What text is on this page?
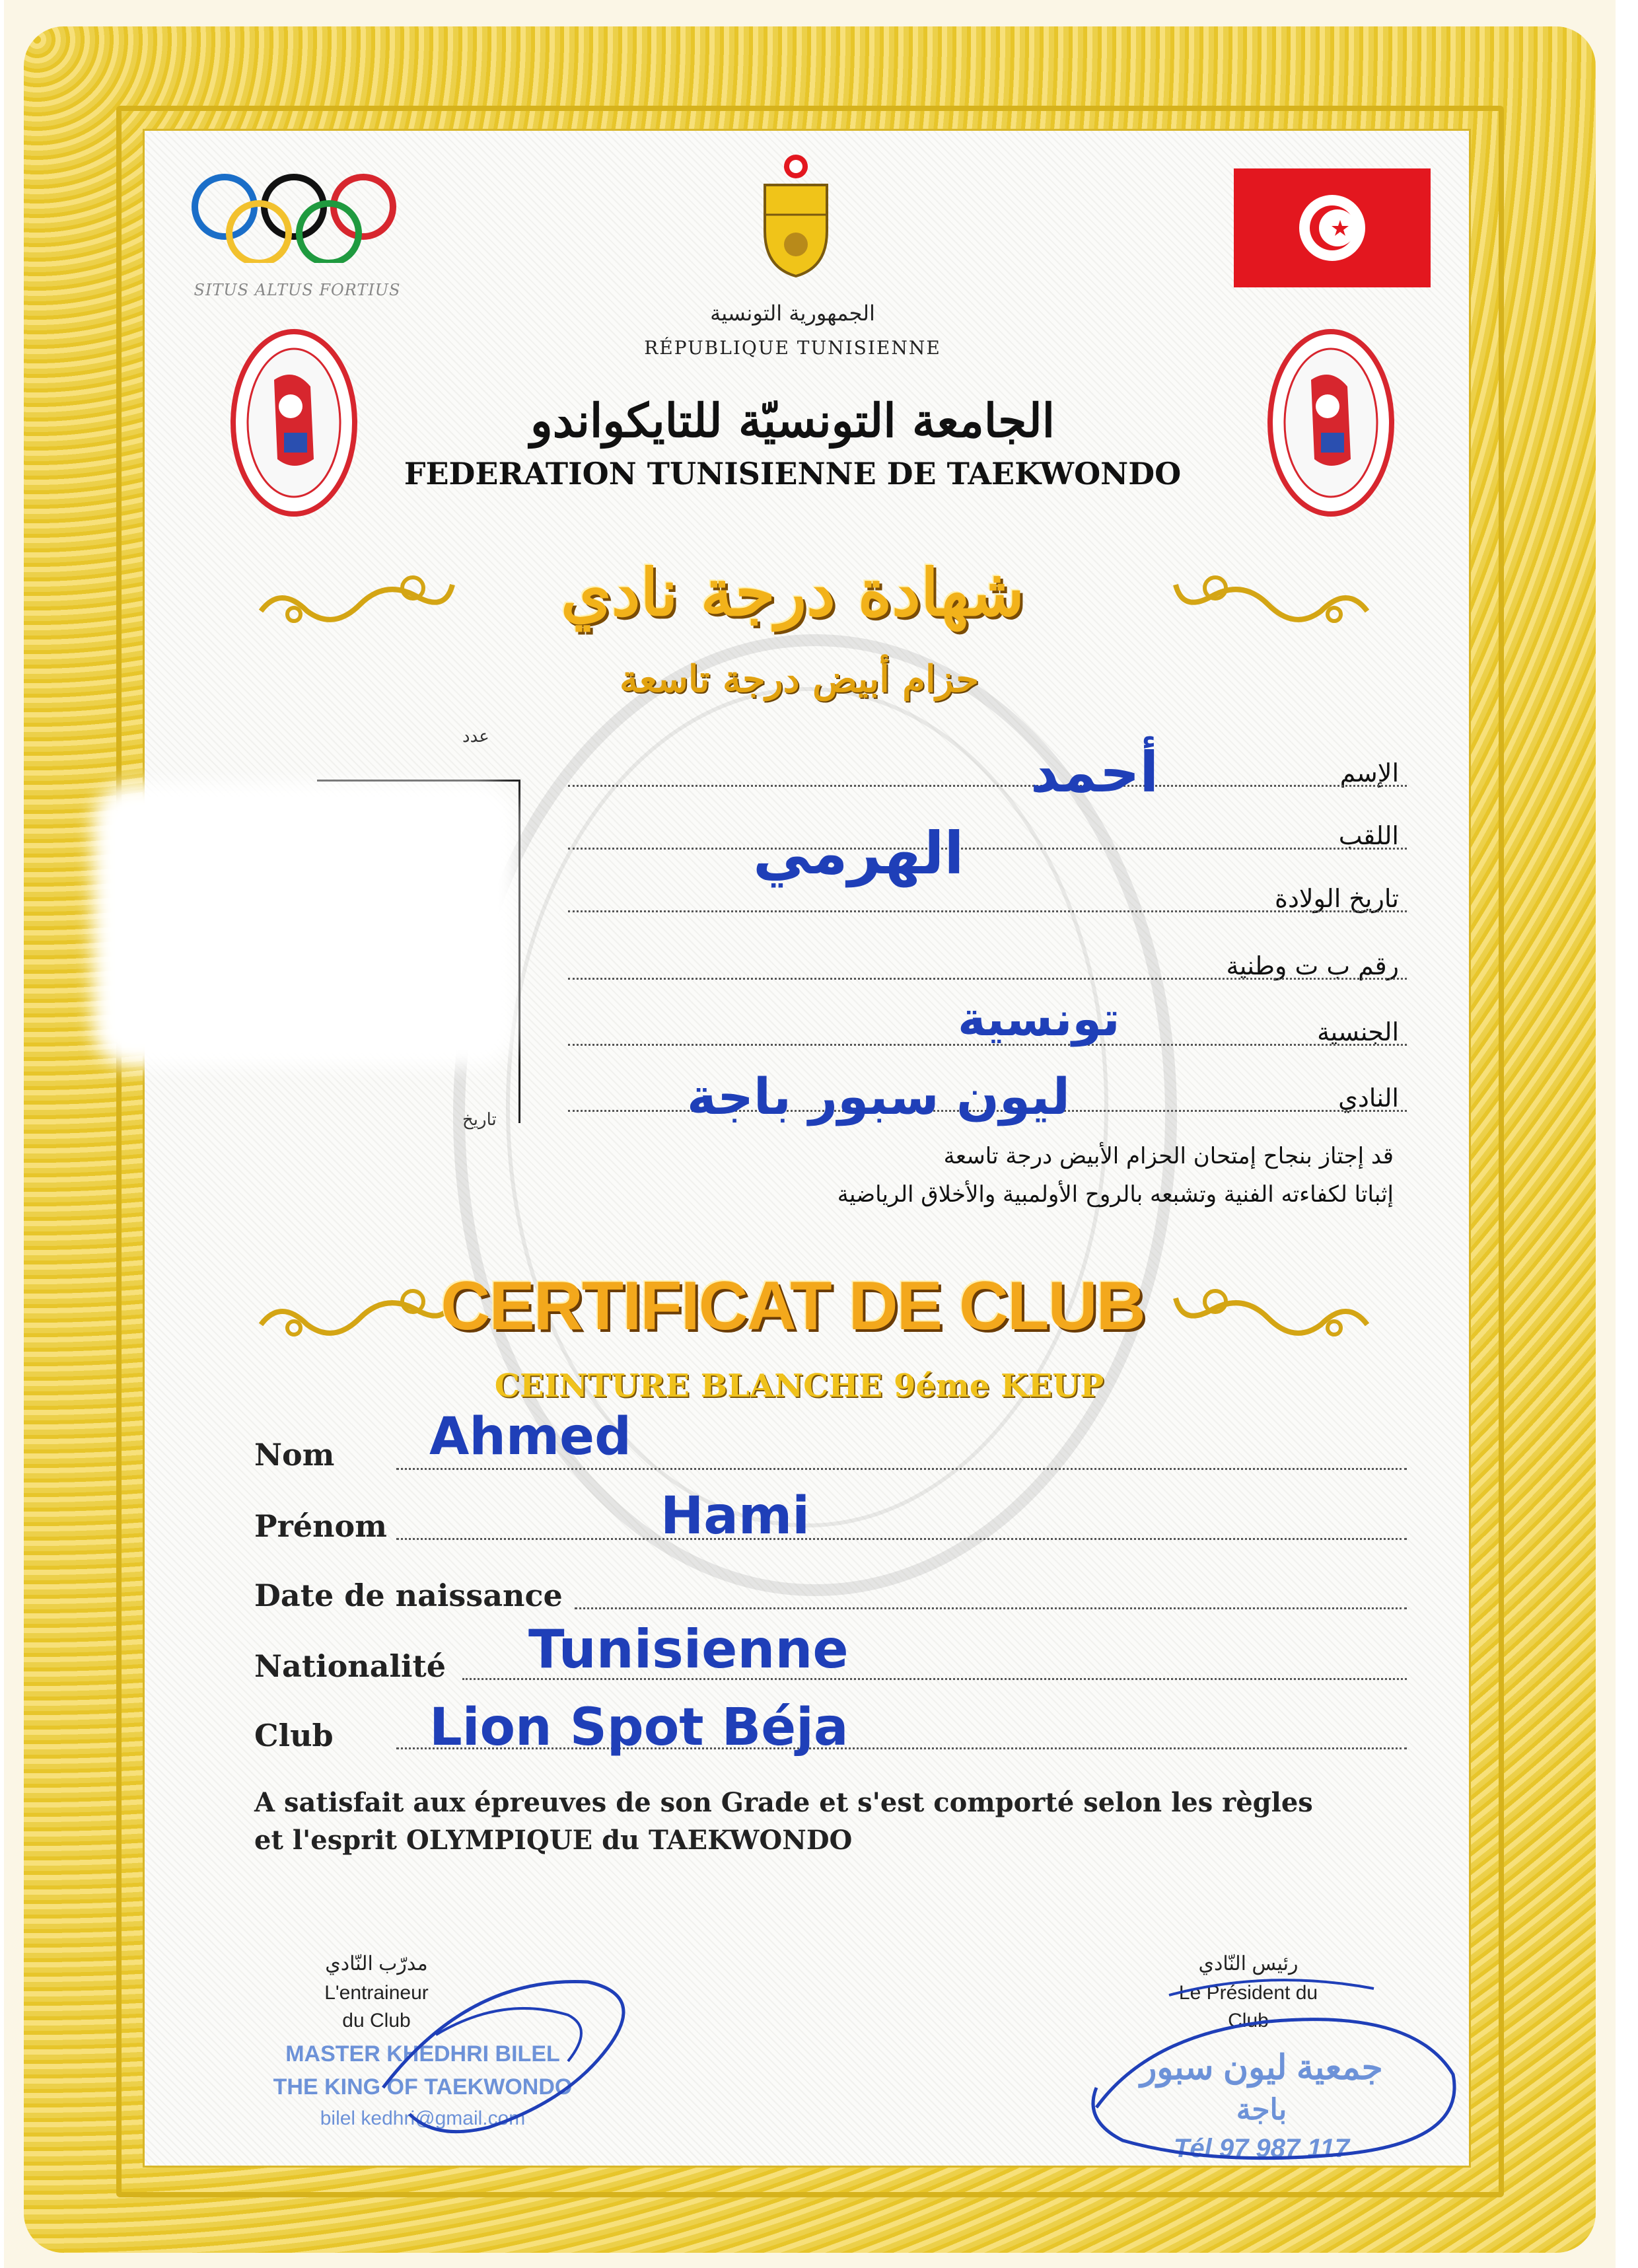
SITUS ALTUS FORTIUS
الجمهورية التونسية
RÉPUBLIQUE TUNISIENNE
الجامعة التونسيّة للتايكواندو
FEDERATION TUNISIENNE DE TAEKWONDO
شهادة درجة نادي
حزام أبيض درجة تاسعة
عدد
تاريخ
الإسم
اللقب
تاريخ الولادة
رقم ب ت وطنية
الجنسية
النادي
أحمد
الهرمي
تونسية
ليون سبور باجة
قد إجتاز بنجاح إمتحان الحزام الأبيض درجة تاسعة
إثباتا لكفاءته الفنية وتشبعه بالروح الأولمبية والأخلاق الرياضية
CERTIFICAT DE CLUB
CEINTURE BLANCHE 9éme KEUP
Nom
Prénom
Date de naissance
Nationalité
Club
Ahmed
Hami
Tunisienne
Lion Spot Béja
A satisfait aux épreuves de son Grade et s'est comporté selon les règles
et l'esprit OLYMPIQUE du TAEKWONDO
مدرّب النّادي
L'entraineur
du Club
MASTER KHEDHRI BILEL
THE KING OF TAEKWONDO
bilel kedhri@gmail.com
رئيس النّادي
Le Président du
Club
جمعية ليون سبور
باجة
Tél 97 987 117
